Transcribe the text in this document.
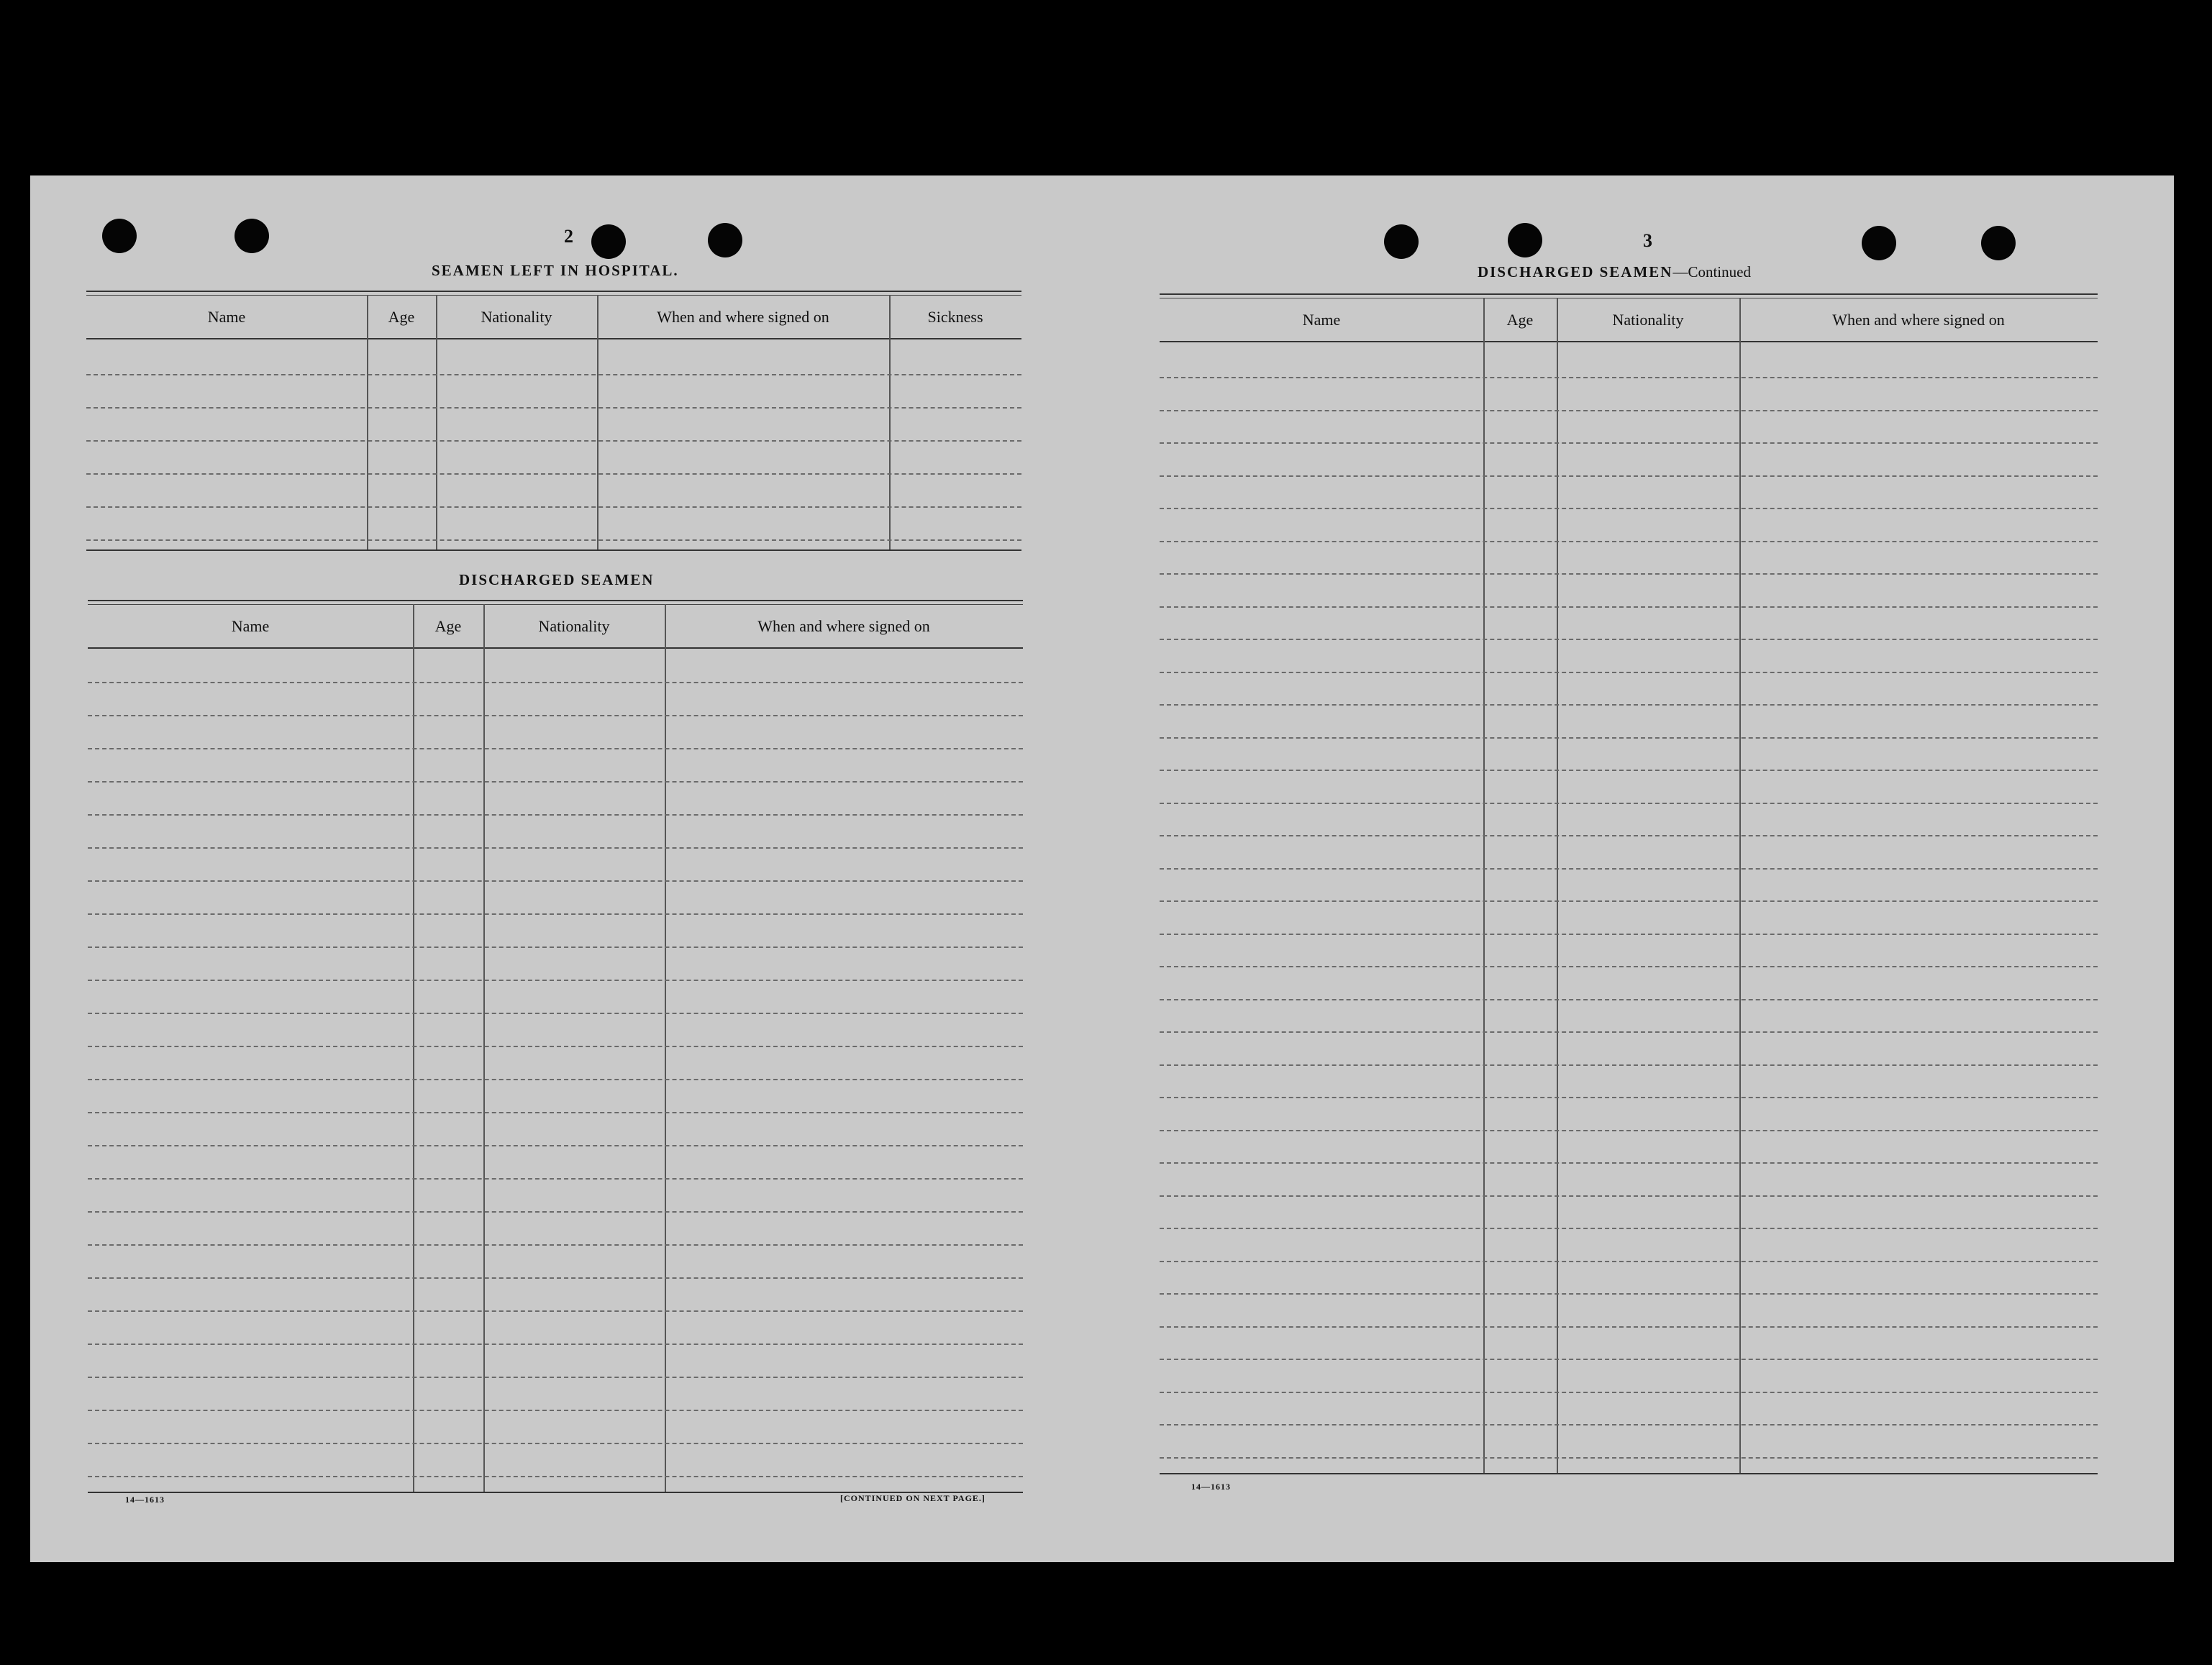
2
SEAMEN LEFT IN HOSPITAL.
Name	Age	Nationality	When and where signed on	Sickness
DISCHARGED SEAMEN
Name	Age	Nationality	When and where signed on
14—1613	[CONTINUED ON NEXT PAGE.]
3
DISCHARGED SEAMEN—Continued
Name	Age	Nationality	When and where signed on
14—1613
